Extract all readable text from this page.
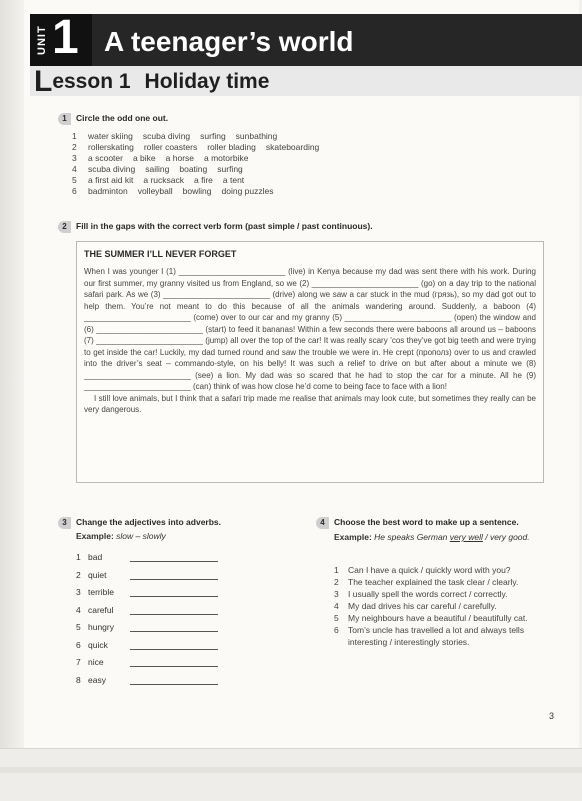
UNIT 1 A teenager’s world
Lesson 1 Holiday time
1 Circle the odd one out.
1 water skiing scuba diving surfing sunbathing
2 rollerskating roller coasters roller blading skateboarding
3 a scooter a bike a horse a motorbike
4 scuba diving sailing boating surfing
5 a first aid kit a rucksack a fire a tent
6 badminton volleyball bowling doing puzzles
2 Fill in the gaps with the correct verb form (past simple / past continuous).
THE SUMMER I’LL NEVER FORGET

When I was younger I (1) ________________________ (live) in Kenya because my dad was sent there with his work. During our first summer, my granny visited us from England, so we (2) ________________________ (go) on a day trip to the national safari park. As we (3) ________________________ (drive) along we saw a car stuck in the mud (грязь), so my dad got out to help them. You’re not meant to do this because of all the animals wandering around. Suddenly, a baboon (4) ________________________ (come) over to our car and my granny (5) ________________________ (open) the window and (6) ________________________ (start) to feed it bananas! Within a few seconds there were baboons all around us – baboons (7) ________________________ (jump) all over the top of the car! It was really scary ’cos they’ve got big teeth and were trying to get inside the car! Luckily, my dad turned round and saw the trouble we were in. He crept (прополз) over to us and crawled into the driver’s seat – commando-style, on his belly! It was such a relief to drive on but after about a minute we (8) ________________________ (see) a lion. My dad was so scared that he had to stop the car for a minute. All he (9) ________________________ (can) think of was how close he’d come to being face to face with a lion!

I still love animals, but I think that a safari trip made me realise that animals may look cute, but sometimes they really can be very dangerous.

3 Change the adjectives into adverbs.
Example: slow – slowly
1 bad
2 quiet
3 terrible
4 careful
5 hungry
6 quick
7 nice
8 easy
4 Choose the best word to make up a sentence.
Example: He speaks German very well / very good.
1 Can I have a quick / quickly word with you?
2 The teacher explained the task clear / clearly.
3 I usually spell the words correct / correctly.
4 My dad drives his car careful / carefully.
5 My neighbours have a beautiful / beautifully cat.
6 Tom’s uncle has travelled a lot and always tells interesting / interestingly stories.
3
